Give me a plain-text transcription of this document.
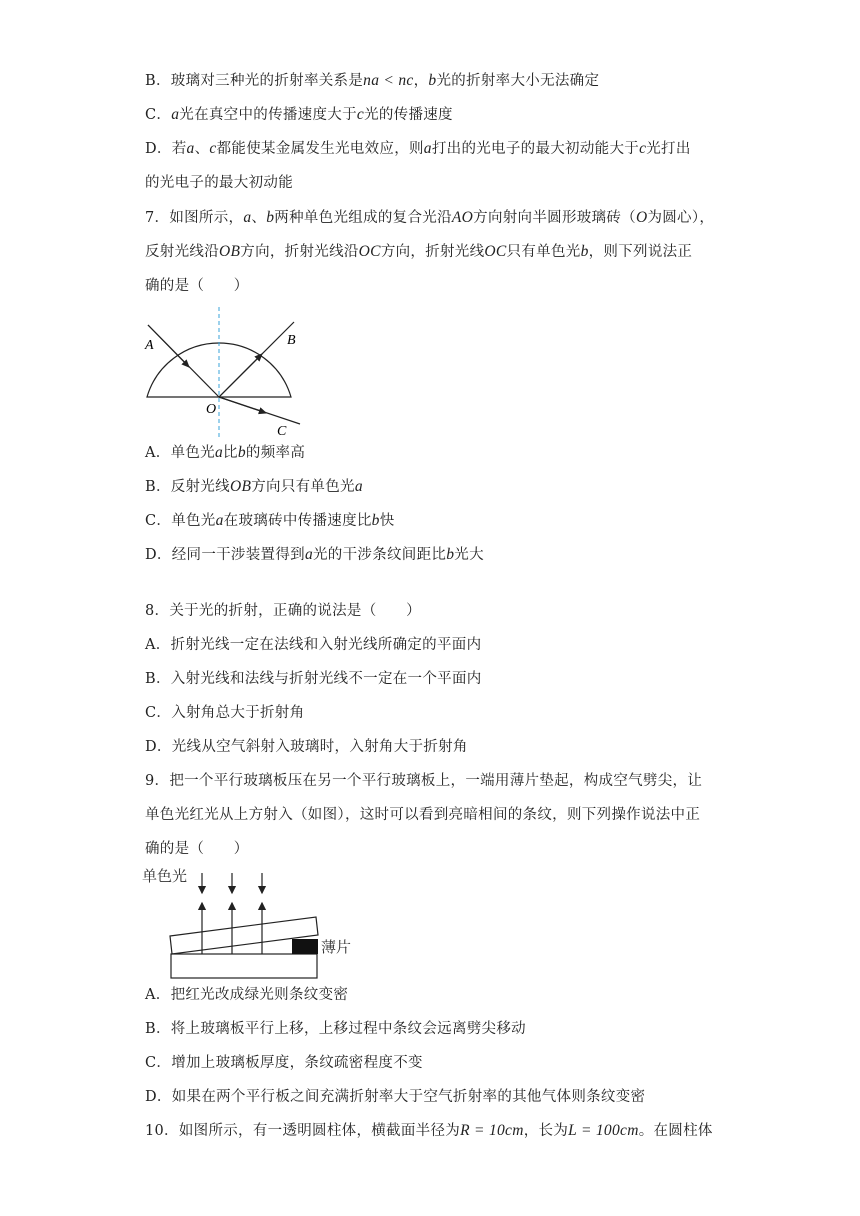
B．玻璃对三种光的折射率关系是na < nc，b光的折射率大小无法确定
C．a光在真空中的传播速度大于c光的传播速度
D．若a、c都能使某金属发生光电效应，则a打出的光电子的最大初动能大于c光打出
的光电子的最大初动能
7．如图所示，a、b两种单色光组成的复合光沿AO方向射向半圆形玻璃砖（O为圆心），
反射光线沿OB方向，折射光线沿OC方向，折射光线OC只有单色光b，则下列说法正
确的是（　　）
A	B
O
C
A．单色光a比b的频率高
B．反射光线OB方向只有单色光a
C．单色光a在玻璃砖中传播速度比b快
D．经同一干涉装置得到a光的干涉条纹间距比b光大
8．关于光的折射，正确的说法是（　　）
A．折射光线一定在法线和入射光线所确定的平面内
B．入射光线和法线与折射光线不一定在一个平面内
C．入射角总大于折射角
D．光线从空气斜射入玻璃时，入射角大于折射角
9．把一个平行玻璃板压在另一个平行玻璃板上，一端用薄片垫起，构成空气劈尖，让
单色光红光从上方射入（如图），这时可以看到亮暗相间的条纹，则下列操作说法中正
确的是（　　）
单色光
薄片
A．把红光改成绿光则条纹变密
B．将上玻璃板平行上移，上移过程中条纹会远离劈尖移动
C．增加上玻璃板厚度，条纹疏密程度不变
D．如果在两个平行板之间充满折射率大于空气折射率的其他气体则条纹变密
10．如图所示，有一透明圆柱体，横截面半径为R = 10cm，长为L = 100cm。在圆柱体
